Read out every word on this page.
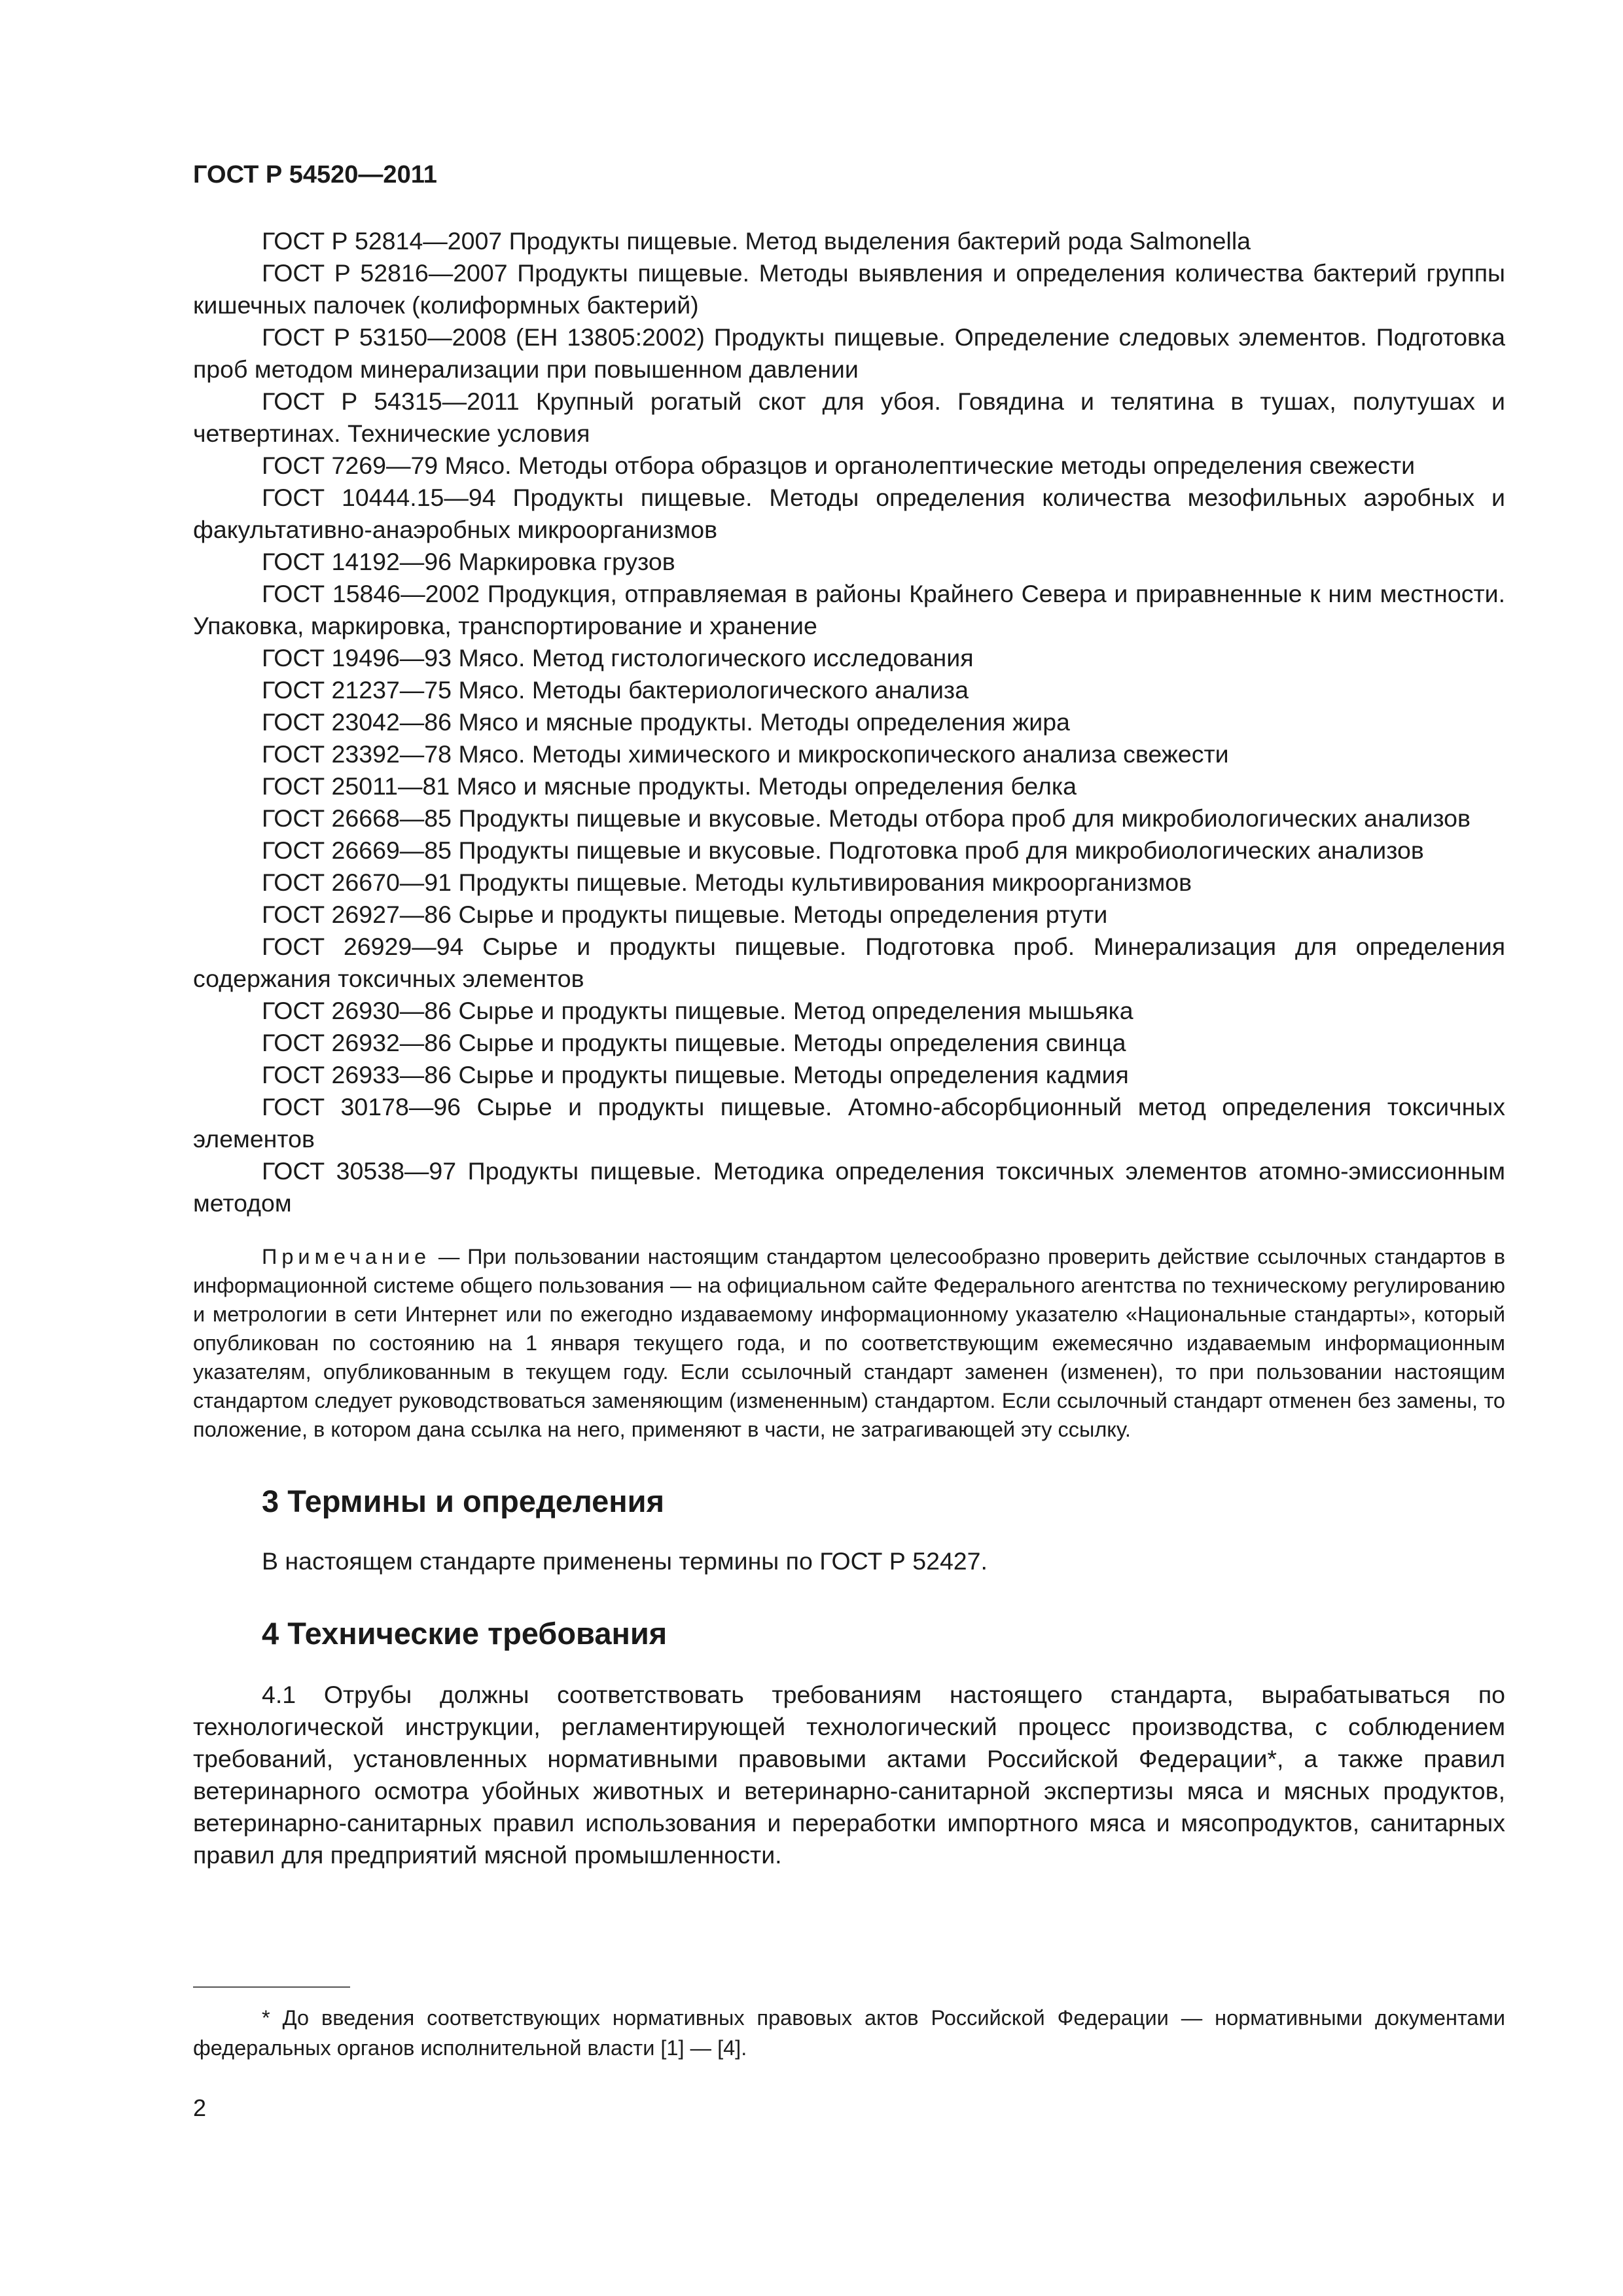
ГОСТ Р 54520—2011

ГОСТ Р 52814—2007 Продукты пищевые. Метод выделения бактерий рода Salmonella

ГОСТ Р 52816—2007 Продукты пищевые. Методы выявления и определения количества бактерий группы кишечных палочек (колиформных бактерий)

ГОСТ Р 53150—2008 (ЕН 13805:2002) Продукты пищевые. Определение следовых элементов. Подготовка проб методом минерализации при повышенном давлении

ГОСТ Р 54315—2011 Крупный рогатый скот для убоя. Говядина и телятина в тушах, полутушах и четвертинах. Технические условия

ГОСТ 7269—79 Мясо. Методы отбора образцов и органолептические методы определения свежести

ГОСТ 10444.15—94 Продукты пищевые. Методы определения количества мезофильных аэробных и факультативно-анаэробных микроорганизмов

ГОСТ 14192—96 Маркировка грузов

ГОСТ 15846—2002 Продукция, отправляемая в районы Крайнего Севера и приравненные к ним местности. Упаковка, маркировка, транспортирование и хранение

ГОСТ 19496—93 Мясо. Метод гистологического исследования

ГОСТ 21237—75 Мясо. Методы бактериологического анализа

ГОСТ 23042—86 Мясо и мясные продукты. Методы определения жира

ГОСТ 23392—78 Мясо. Методы химического и микроскопического анализа свежести

ГОСТ 25011—81 Мясо и мясные продукты. Методы определения белка

ГОСТ 26668—85 Продукты пищевые и вкусовые. Методы отбора проб для микробиологических анализов

ГОСТ 26669—85 Продукты пищевые и вкусовые. Подготовка проб для микробиологических анализов

ГОСТ 26670—91 Продукты пищевые. Методы культивирования микроорганизмов

ГОСТ 26927—86 Сырье и продукты пищевые. Методы определения ртути

ГОСТ 26929—94 Сырье и продукты пищевые. Подготовка проб. Минерализация для определения содержания токсичных элементов

ГОСТ 26930—86 Сырье и продукты пищевые. Метод определения мышьяка

ГОСТ 26932—86 Сырье и продукты пищевые. Методы определения свинца

ГОСТ 26933—86 Сырье и продукты пищевые. Методы определения кадмия

ГОСТ 30178—96 Сырье и продукты пищевые. Атомно-абсорбционный метод определения токсичных элементов

ГОСТ 30538—97 Продукты пищевые. Методика определения токсичных элементов атомно-эмиссионным методом

Примечание — При пользовании настоящим стандартом целесообразно проверить действие ссылочных стандартов в информационной системе общего пользования — на официальном сайте Федерального агентства по техническому регулированию и метрологии в сети Интернет или по ежегодно издаваемому информационному указателю «Национальные стандарты», который опубликован по состоянию на 1 января текущего года, и по соответствующим ежемесячно издаваемым информационным указателям, опубликованным в текущем году. Если ссылочный стандарт заменен (изменен), то при пользовании настоящим стандартом следует руководствоваться заменяющим (измененным) стандартом. Если ссылочный стандарт отменен без замены, то положение, в котором дана ссылка на него, применяют в части, не затрагивающей эту ссылку.

3 Термины и определения

В настоящем стандарте применены термины по ГОСТ Р 52427.

4 Технические требования

4.1 Отрубы должны соответствовать требованиям настоящего стандарта, вырабатываться по технологической инструкции, регламентирующей технологический процесс производства, с соблюдением требований, установленных нормативными правовыми актами Российской Федерации*, а также правил ветеринарного осмотра убойных животных и ветеринарно-санитарной экспертизы мяса и мясных продуктов, ветеринарно-санитарных правил использования и переработки импортного мяса и мясопродуктов, санитарных правил для предприятий мясной промышленности.

* До введения соответствующих нормативных правовых актов Российской Федерации — нормативными документами федеральных органов исполнительной власти [1] — [4].

2
